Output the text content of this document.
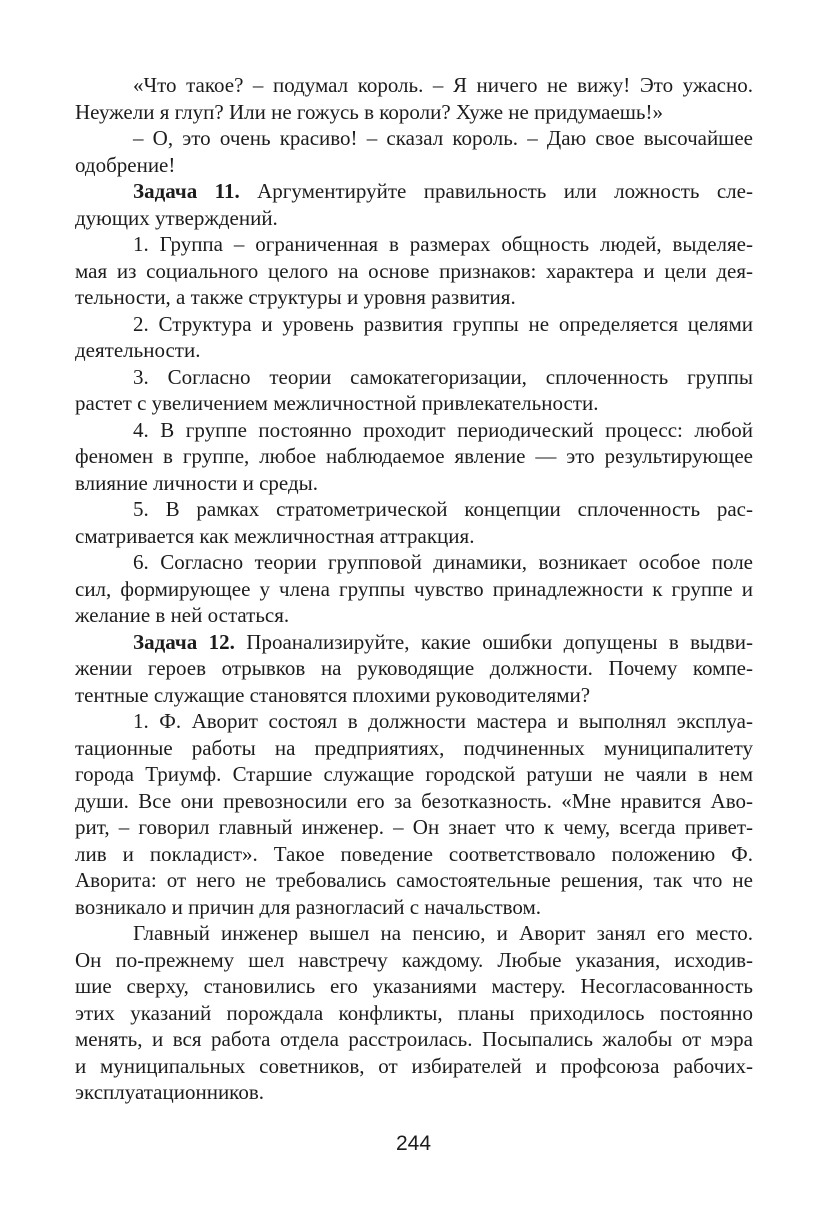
«Что такое? – подумал король. – Я ничего не вижу! Это ужасно.
Неужели я глуп? Или не гожусь в короли? Хуже не придумаешь!»

– О, это очень красиво! – сказал король. – Даю свое высочайшее
одобрение!

Задача 11. Аргументируйте правильность или ложность сле-
дующих утверждений.

1. Группа – ограниченная в размерах общность людей, выделяе-
мая из социального целого на основе признаков: характера и цели дея-
тельности, а также структуры и уровня развития.

2. Структура и уровень развития группы не определяется целями
деятельности.

3. Согласно теории самокатегоризации, сплоченность группы
растет с увеличением межличностной привлекательности.

4. В группе постоянно проходит периодический процесс: любой
феномен в группе, любое наблюдаемое явление — это результирующее
влияние личности и среды.

5. В рамках стратометрической концепции сплоченность рас-
сматривается как межличностная аттракция.

6. Согласно теории групповой динамики, возникает особое поле
сил, формирующее у члена группы чувство принадлежности к группе и
желание в ней остаться.

Задача 12. Проанализируйте, какие ошибки допущены в выдви-
жении героев отрывков на руководящие должности. Почему компе-
тентные служащие становятся плохими руководителями?

1. Ф. Аворит состоял в должности мастера и выполнял эксплуа-
тационные работы на предприятиях, подчиненных муниципалитету
города Триумф. Старшие служащие городской ратуши не чаяли в нем
души. Все они превозносили его за безотказность. «Мне нравится Аво-
рит, – говорил главный инженер. – Он знает что к чему, всегда привет-
лив и покладист». Такое поведение соответствовало положению Ф.
Аворита: от него не требовались самостоятельные решения, так что не
возникало и причин для разногласий с начальством.

Главный инженер вышел на пенсию, и Аворит занял его место.
Он по-прежнему шел навстречу каждому. Любые указания, исходив-
шие сверху, становились его указаниями мастеру. Несогласованность
этих указаний порождала конфликты, планы приходилось постоянно
менять, и вся работа отдела расстроилась. Посыпались жалобы от мэра
и муниципальных советников, от избирателей и профсоюза рабочих-
эксплуатационников.

244
